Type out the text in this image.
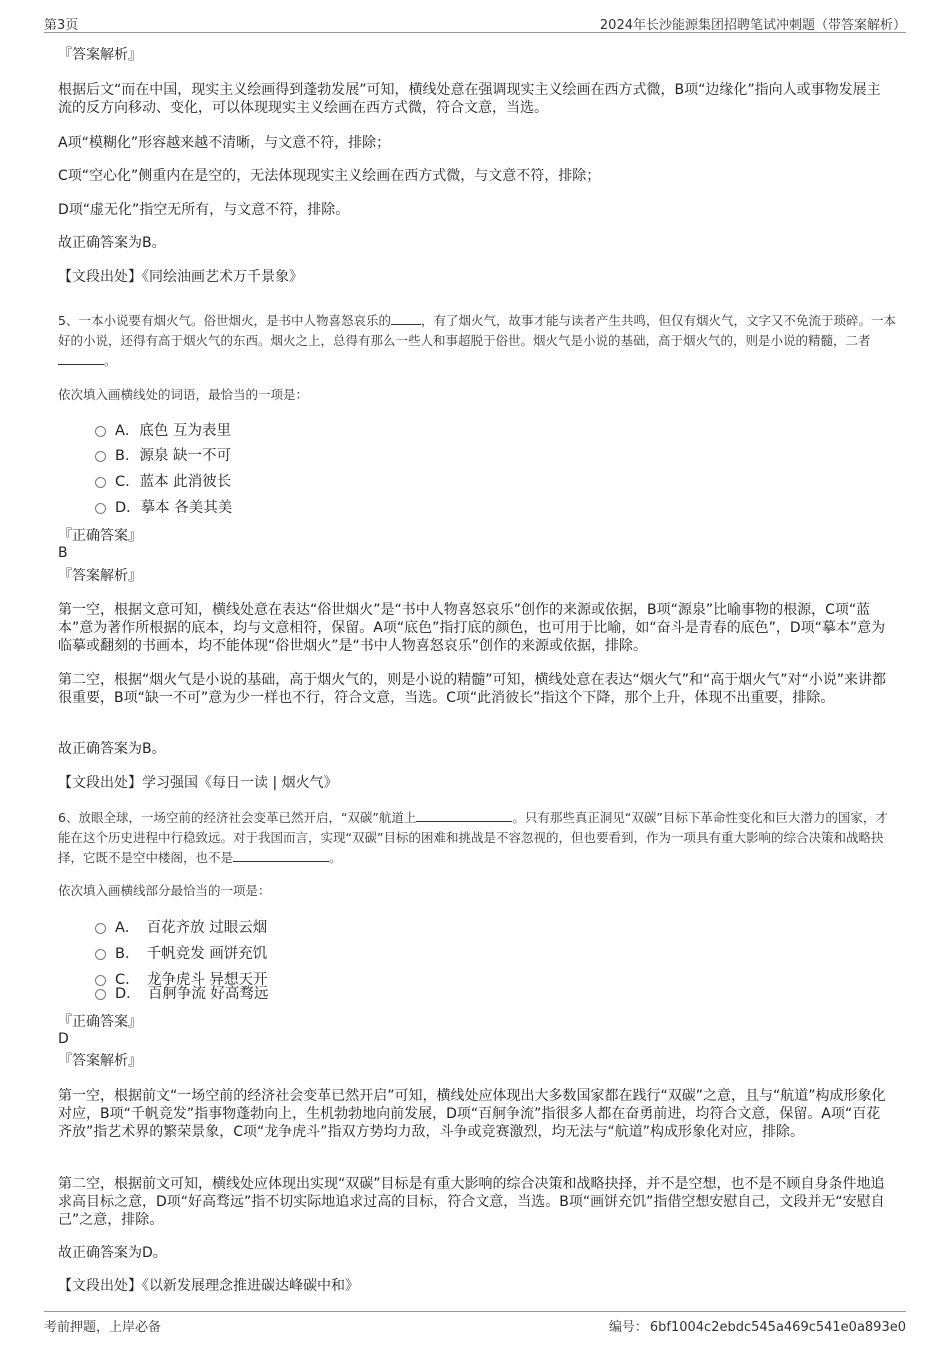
第3页	2024年长沙能源集团招聘笔试冲刺题（带答案解析）

『答案解析』

根据后文“而在中国，现实主义绘画得到蓬勃发展”可知，横线处意在强调现实主义绘画在西方式微，B项“边缘化”指向人或事物发展主流的反方向移动、变化，可以体现现实主义绘画在西方式微，符合文意，当选。

A项“模糊化”形容越来越不清晰，与文意不符，排除；

C项“空心化”侧重内在是空的，无法体现现实主义绘画在西方式微，与文意不符，排除；

D项“虚无化”指空无所有，与文意不符，排除。

故正确答案为B。

【文段出处】《同绘油画艺术万千景象》

5、一本小说要有烟火气。俗世烟火，是书中人物喜怒哀乐的 ，有了烟火气，故事才能与读者产生共鸣，但仅有烟火气，文字又不免流于琐碎。一本好的小说，还得有高于烟火气的东西。烟火之上，总得有那么一些人和事超脱于俗世。烟火气是小说的基础，高于烟火气的，则是小说的精髓，二者。

依次填入画横线处的词语，最恰当的一项是：

A．底色 互为表里
B．源泉 缺一不可
C．蓝本 此消彼长
D．摹本 各美其美

『正确答案』

B

『答案解析』

第一空，根据文意可知，横线处意在表达“俗世烟火”是“书中人物喜怒哀乐”创作的来源或依据，B项“源泉”比喻事物的根源，C项“蓝本”意为著作所根据的底本，均与文意相符，保留。A项“底色”指打底的颜色，也可用于比喻，如“奋斗是青春的底色”，D项“摹本”意为临摹或翻刻的书画本，均不能体现“俗世烟火”是“书中人物喜怒哀乐”创作的来源或依据，排除。

第二空，根据“烟火气是小说的基础，高于烟火气的，则是小说的精髓”可知，横线处意在表达“烟火气”和“高于烟火气”对“小说”来讲都很重要，B项“缺一不可”意为少一样也不行，符合文意，当选。C项“此消彼长”指这个下降，那个上升，体现不出重要，排除。

故正确答案为B。

【文段出处】学习强国《每日一读 | 烟火气》

6、放眼全球，一场空前的经济社会变革已然开启，“双碳”航道上	。只有那些真正洞见“双碳”目标下革命性变化和巨大潜力的国家，才能在这个历史进程中行稳致远。对于我国而言，实现“双碳”目标的困难和挑战是不容忽视的，但也要看到，作为一项具有重大影响的综合决策和战略抉择，它既不是空中楼阁，也不是	。

依次填入画横线部分最恰当的一项是：

A．　百花齐放 过眼云烟
B．　千帆竞发 画饼充饥
C．　龙争虎斗 异想天开
D．　百舸争流 好高骛远

『正确答案』

D

『答案解析』

第一空，根据前文“一场空前的经济社会变革已然开启”可知，横线处应体现出大多数国家都在践行“双碳”之意，且与“航道”构成形象化对应，B项“千帆竞发”指事物蓬勃向上，生机勃勃地向前发展，D项“百舸争流”指很多人都在奋勇前进，均符合文意，保留。A项“百花齐放”指艺术界的繁荣景象，C项“龙争虎斗”指双方势均力敌，斗争或竞赛激烈，均无法与“航道”构成形象化对应，排除。

第二空，根据前文可知，横线处应体现出实现“双碳”目标是有重大影响的综合决策和战略抉择，并不是空想，也不是不顾自身条件地追求高目标之意，D项“好高骛远”指不切实际地追求过高的目标，符合文意，当选。B项“画饼充饥”指借空想安慰自己，文段并无“安慰自己”之意，排除。

故正确答案为D。

【文段出处】《以新发展理念推进碳达峰碳中和》

考前押题，上岸必备	编号： 6bf1004c2ebdc545a469c541e0a893e0
